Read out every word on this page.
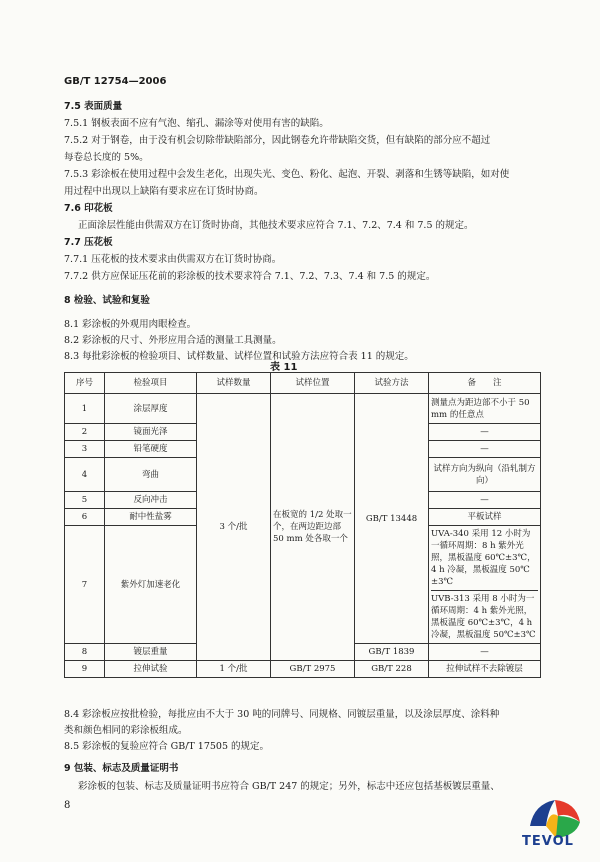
GB/T 12754—2006
7.5 表面质量
7.5.1 钢板表面不应有气泡、缩孔、漏涂等对使用有害的缺陷。
7.5.2 对于钢卷，由于没有机会切除带缺陷部分，因此钢卷允许带缺陷交货，但有缺陷的部分应不超过
每卷总长度的 5%。
7.5.3 彩涂板在使用过程中会发生老化，出现失光、变色、粉化、起泡、开裂、剥落和生锈等缺陷，如对使
用过程中出现以上缺陷有要求应在订货时协商。
7.6 印花板
正面涂层性能由供需双方在订货时协商，其他技术要求应符合 7.1、7.2、7.4 和 7.5 的规定。
7.7 压花板
7.7.1 压花板的技术要求由供需双方在订货时协商。
7.7.2 供方应保证压花前的彩涂板的技术要求符合 7.1、7.2、7.3、7.4 和 7.5 的规定。
8 检验、试验和复验
8.1 彩涂板的外观用肉眼检查。
8.2 彩涂板的尺寸、外形应用合适的测量工具测量。
8.3 每批彩涂板的检验项目、试样数量、试样位置和试验方法应符合表 11 的规定。
表 11
序号	检验项目	试样数量	试样位置	试验方法	备　　注
1	涂层厚度	3 个/批	在板宽的 1/2 处取一个，在两边距边部 50 mm 处各取一个	GB/T 13448	测量点为距边部不小于 50 mm 的任意点
2	镜面光泽				—
3	铅笔硬度				—
4	弯曲				试样方向为纵向（沿轧制方向）
5	反向冲击				—
6	耐中性盐雾				平板试样
7	紫外灯加速老化				UVA-340 采用 12 小时为一循环周期：8 h 紫外光照，黑板温度 60℃±3℃，4 h 冷凝，黑板温度 50℃±3℃
UVB-313 采用 8 小时为一循环周期：4 h 紫外光照，黑板温度 60℃±3℃，4 h 冷凝，黑板温度 50℃±3℃

8	镀层重量			GB/T 1839	—
9	拉伸试验	1 个/批	GB/T 2975	GB/T 228	拉伸试样不去除镀层
8.4 彩涂板应按批检验，每批应由不大于 30 吨的同牌号、同规格、同镀层重量，以及涂层厚度、涂料种
类和颜色相同的彩涂板组成。
8.5 彩涂板的复验应符合 GB/T 17505 的规定。
9 包装、标志及质量证明书
彩涂板的包装、标志及质量证明书应符合 GB/T 247 的规定；另外，标志中还应包括基板镀层重量、
8
TEVOL
